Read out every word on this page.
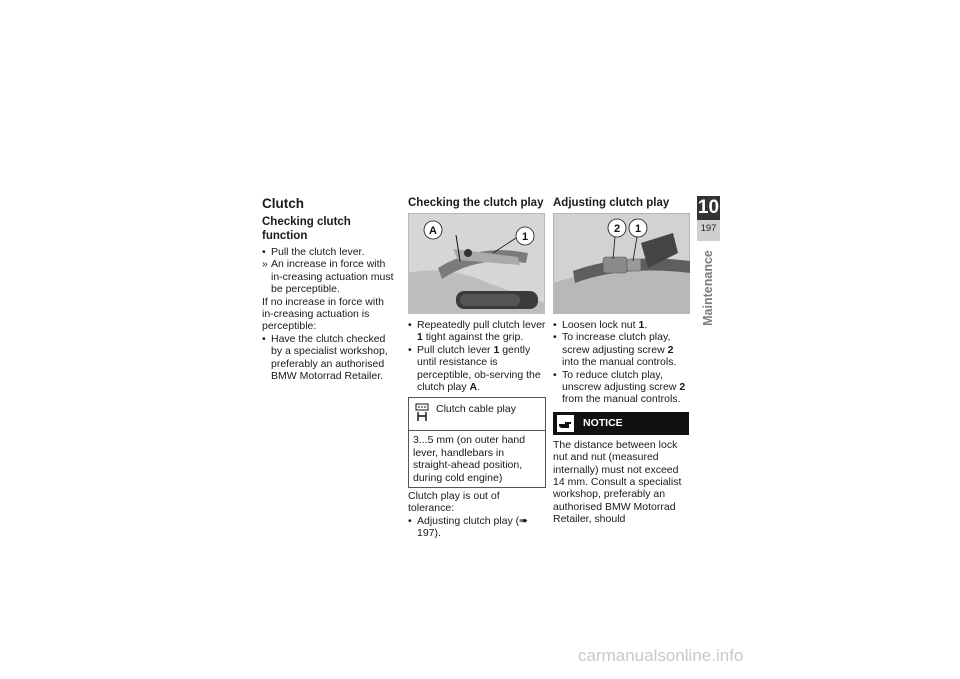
Clutch
Checking clutch function
• Pull the clutch lever.
» An increase in force with in-creasing actuation must be perceptible.

If no increase in force with in-creasing actuation is perceptible:

• Have the clutch checked by a specialist workshop, preferably an authorised BMW Motorrad Retailer.
Checking the clutch play
A	1
• Repeatedly pull clutch lever 1 tight against the grip.
• Pull clutch lever 1 gently until resistance is perceptible, ob-serving the clutch play A.
Clutch cable play
3...5 mm (on outer hand lever, handlebars in straight-ahead position, during cold engine)

Clutch play is out of tolerance:

• Adjusting clutch play (➠ 197).
Adjusting clutch play
2 1
• Loosen lock nut 1.
• To increase clutch play, screw adjusting screw 2 into the manual controls.
• To reduce clutch play, unscrew adjusting screw 2 from the manual controls.
NOTICE

The distance between lock nut and nut (measured internally) must not exceed 14 mm. Consult a specialist workshop, preferably an authorised BMW Motorrad Retailer, should

10
197
Maintenance
carmanualsonline.info
